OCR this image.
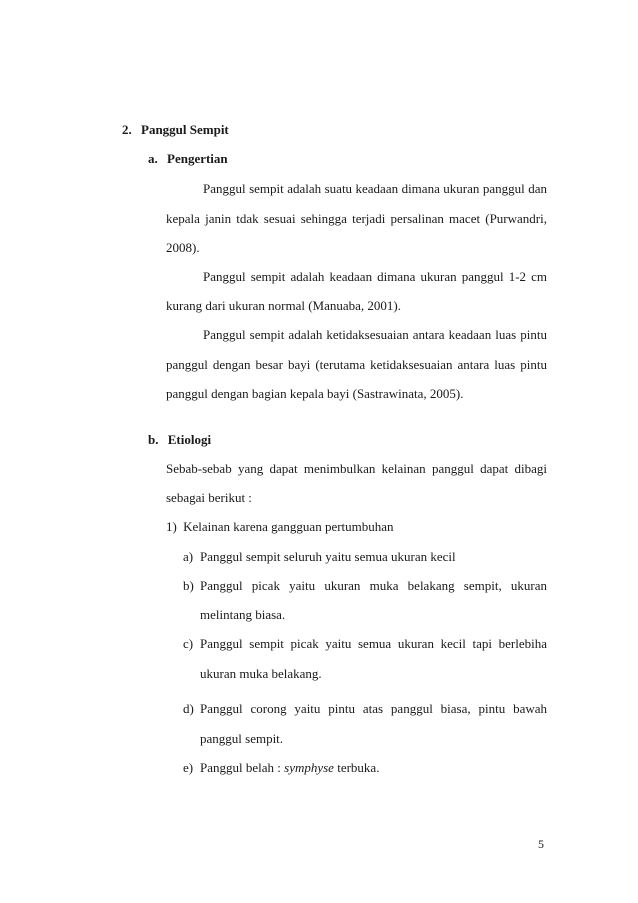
2. Panggul Sempit
a. Pengertian
Panggul sempit adalah suatu keadaan dimana ukuran panggul dan
kepala janin tdak sesuai sehingga terjadi persalinan macet (Purwandri,
2008).
Panggul sempit adalah keadaan dimana ukuran panggul 1-2 cm
kurang dari ukuran normal (Manuaba, 2001).
Panggul sempit adalah ketidaksesuaian antara keadaan luas pintu
panggul dengan besar bayi (terutama ketidaksesuaian antara luas pintu
panggul dengan bagian kepala bayi (Sastrawinata, 2005).
b. Etiologi
Sebab-sebab yang dapat menimbulkan kelainan panggul dapat dibagi
sebagai berikut :
1) Kelainan karena gangguan pertumbuhan
a) Panggul sempit seluruh yaitu semua ukuran kecil
b) Panggul picak yaitu ukuran muka belakang sempit, ukuran
melintang biasa.
c) Panggul sempit picak yaitu semua ukuran kecil tapi berlebiha
ukuran muka belakang.
d) Panggul corong yaitu pintu atas panggul biasa, pintu bawah
panggul sempit.
e) Panggul belah : symphyse terbuka.
5
